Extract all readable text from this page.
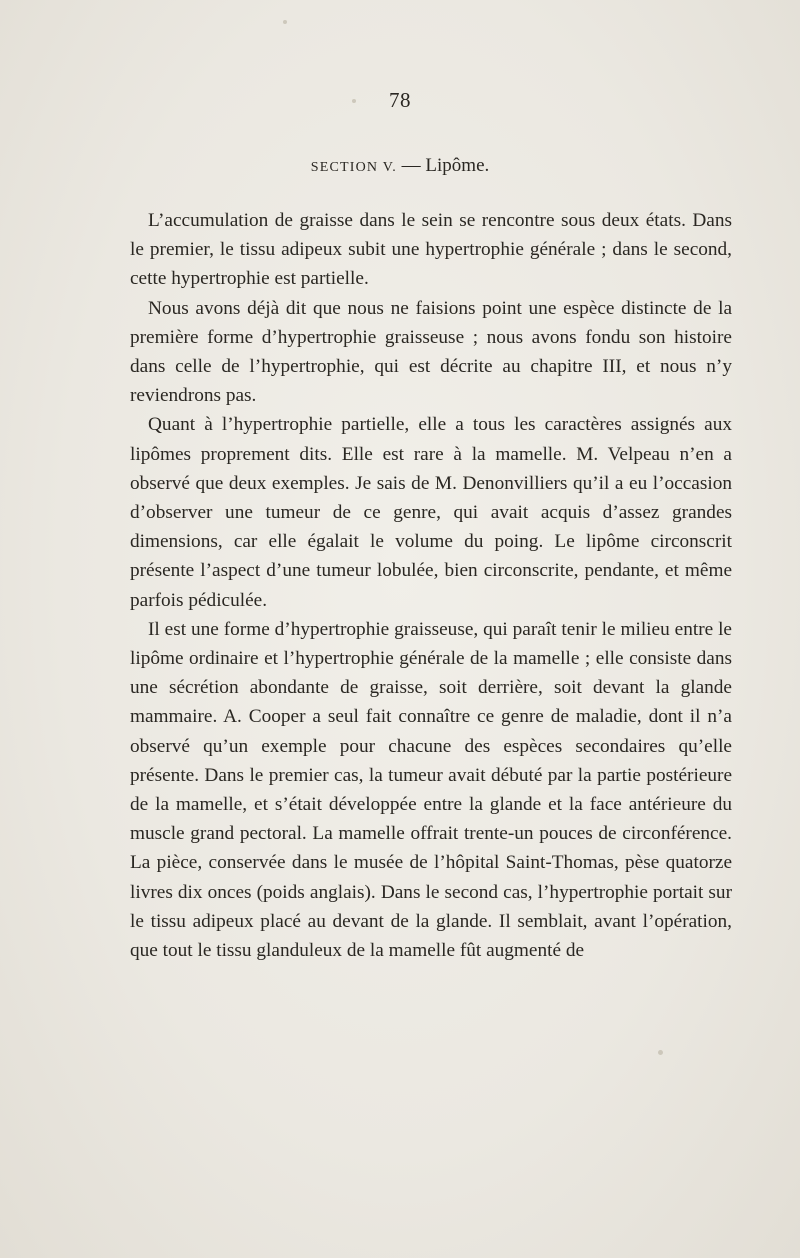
78
SECTION V. — Lipôme.

L’accumulation de graisse dans le sein se rencontre sous deux états. Dans le premier, le tissu adipeux subit une hypertrophie générale ; dans le second, cette hypertrophie est partielle.

Nous avons déjà dit que nous ne faisions point une espèce distincte de la première forme d’hypertrophie graisseuse ; nous avons fondu son histoire dans celle de l’hypertrophie, qui est décrite au chapitre III, et nous n’y reviendrons pas.

Quant à l’hypertrophie partielle, elle a tous les caractères assignés aux lipômes proprement dits. Elle est rare à la mamelle. M. Velpeau n’en a observé que deux exemples. Je sais de M. Denonvilliers qu’il a eu l’occasion d’observer une tumeur de ce genre, qui avait acquis d’assez grandes dimensions, car elle égalait le volume du poing. Le lipôme circonscrit présente l’aspect d’une tumeur lobulée, bien circonscrite, pendante, et même parfois pédiculée.

Il est une forme d’hypertrophie graisseuse, qui paraît tenir le milieu entre le lipôme ordinaire et l’hypertrophie générale de la mamelle ; elle consiste dans une sécrétion abondante de graisse, soit derrière, soit devant la glande mammaire. A. Cooper a seul fait connaître ce genre de maladie, dont il n’a observé qu’un exemple pour chacune des espèces secondaires qu’elle présente. Dans le premier cas, la tumeur avait débuté par la partie postérieure de la mamelle, et s’était développée entre la glande et la face antérieure du muscle grand pectoral. La mamelle offrait trente-un pouces de circonférence. La pièce, conservée dans le musée de l’hôpital Saint-Thomas, pèse quatorze livres dix onces (poids anglais). Dans le second cas, l’hypertrophie portait sur le tissu adipeux placé au devant de la glande. Il semblait, avant l’opération, que tout le tissu glanduleux de la mamelle fût augmenté de
